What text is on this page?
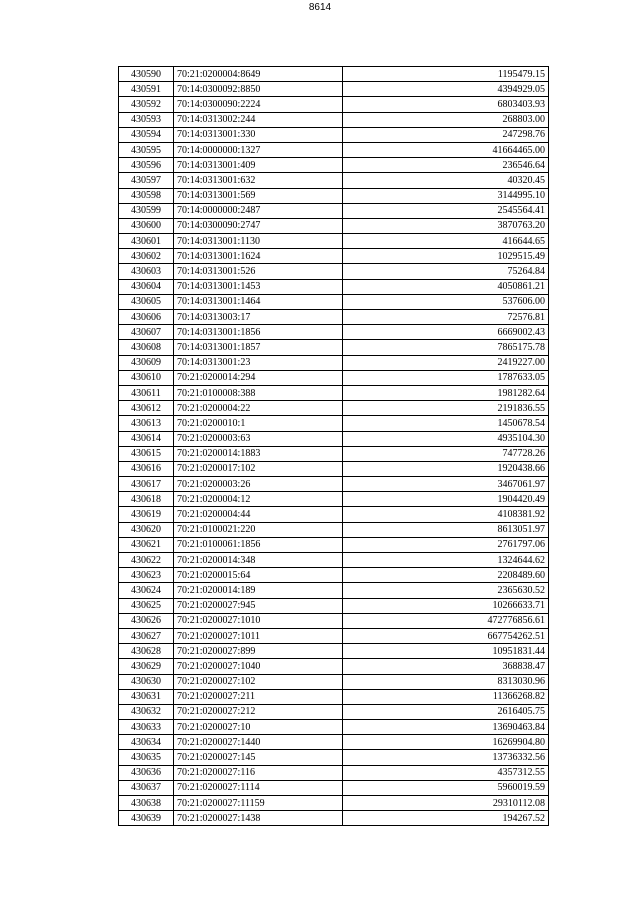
8614
430590	70:21:0200004:8649	1195479.15
430591	70:14:0300092:8850	4394929.05
430592	70:14:0300090:2224	6803403.93
430593	70:14:0313002:244	268803.00
430594	70:14:0313001:330	247298.76
430595	70:14:0000000:1327	41664465.00
430596	70:14:0313001:409	236546.64
430597	70:14:0313001:632	40320.45
430598	70:14:0313001:569	3144995.10
430599	70:14:0000000:2487	2545564.41
430600	70:14:0300090:2747	3870763.20
430601	70:14:0313001:1130	416644.65
430602	70:14:0313001:1624	1029515.49
430603	70:14:0313001:526	75264.84
430604	70:14:0313001:1453	4050861.21
430605	70:14:0313001:1464	537606.00
430606	70:14:0313003:17	72576.81
430607	70:14:0313001:1856	6669002.43
430608	70:14:0313001:1857	7865175.78
430609	70:14:0313001:23	2419227.00
430610	70:21:0200014:294	1787633.05
430611	70:21:0100008:388	1981282.64
430612	70:21:0200004:22	2191836.55
430613	70:21:0200010:1	1450678.54
430614	70:21:0200003:63	4935104.30
430615	70:21:0200014:1883	747728.26
430616	70:21:0200017:102	1920438.66
430617	70:21:0200003:26	3467061.97
430618	70:21:0200004:12	1904420.49
430619	70:21:0200004:44	4108381.92
430620	70:21:0100021:220	8613051.97
430621	70:21:0100061:1856	2761797.06
430622	70:21:0200014:348	1324644.62
430623	70:21:0200015:64	2208489.60
430624	70:21:0200014:189	2365630.52
430625	70:21:0200027:945	10266633.71
430626	70:21:0200027:1010	472776856.61
430627	70:21:0200027:1011	667754262.51
430628	70:21:0200027:899	10951831.44
430629	70:21:0200027:1040	368838.47
430630	70:21:0200027:102	8313030.96
430631	70:21:0200027:211	11366268.82
430632	70:21:0200027:212	2616405.75
430633	70:21:0200027:10	13690463.84
430634	70:21:0200027:1440	16269904.80
430635	70:21:0200027:145	13736332.56
430636	70:21:0200027:116	4357312.55
430637	70:21:0200027:1114	5960019.59
430638	70:21:0200027:11159	29310112.08
430639	70:21:0200027:1438	194267.52
